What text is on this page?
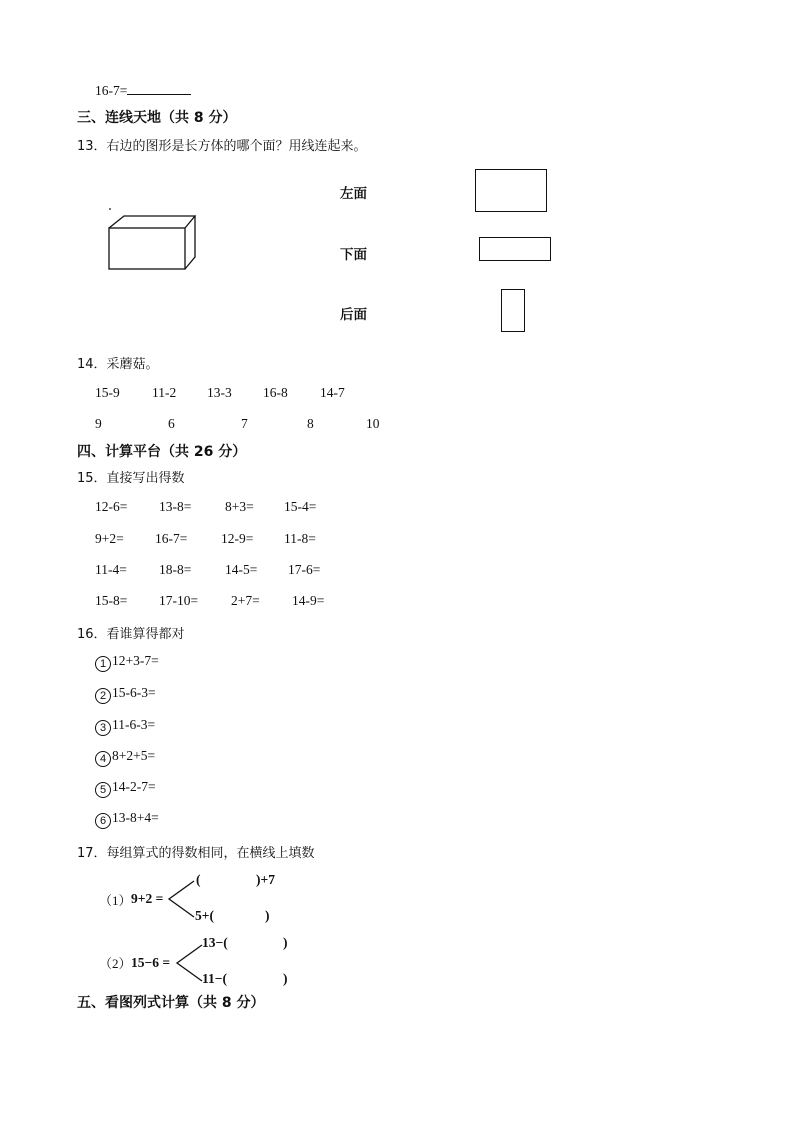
16-7=
三、连线天地（共 8 分）
13．右边的图形是长方体的哪个面？用线连起来。
左面
下面
后面
14．采蘑菇。
15-9 11-2 13-3 16-8 14-7
9	6	7	8	10
四、计算平台（共 26 分）
15．直接写出得数
12-6= 13-8= 8+3= 15-4=
9+2= 16-7= 12-9= 11-8=
11-4= 18-8= 14-5= 17-6=
15-8= 17-10= 2+7= 14-9=
16．看谁算得都对
1 12+3-7=
2 15-6-3=
3 11-6-3=
4 8+2+5=
5 14-2-7=
6 13-8+4=
17．每组算式的得数相同，在横线上填数
（1） 9+2 =
(	)+7
5+(	)
（2） 15−6 =
13−(	)
11−(	)
五、看图列式计算（共 8 分）
